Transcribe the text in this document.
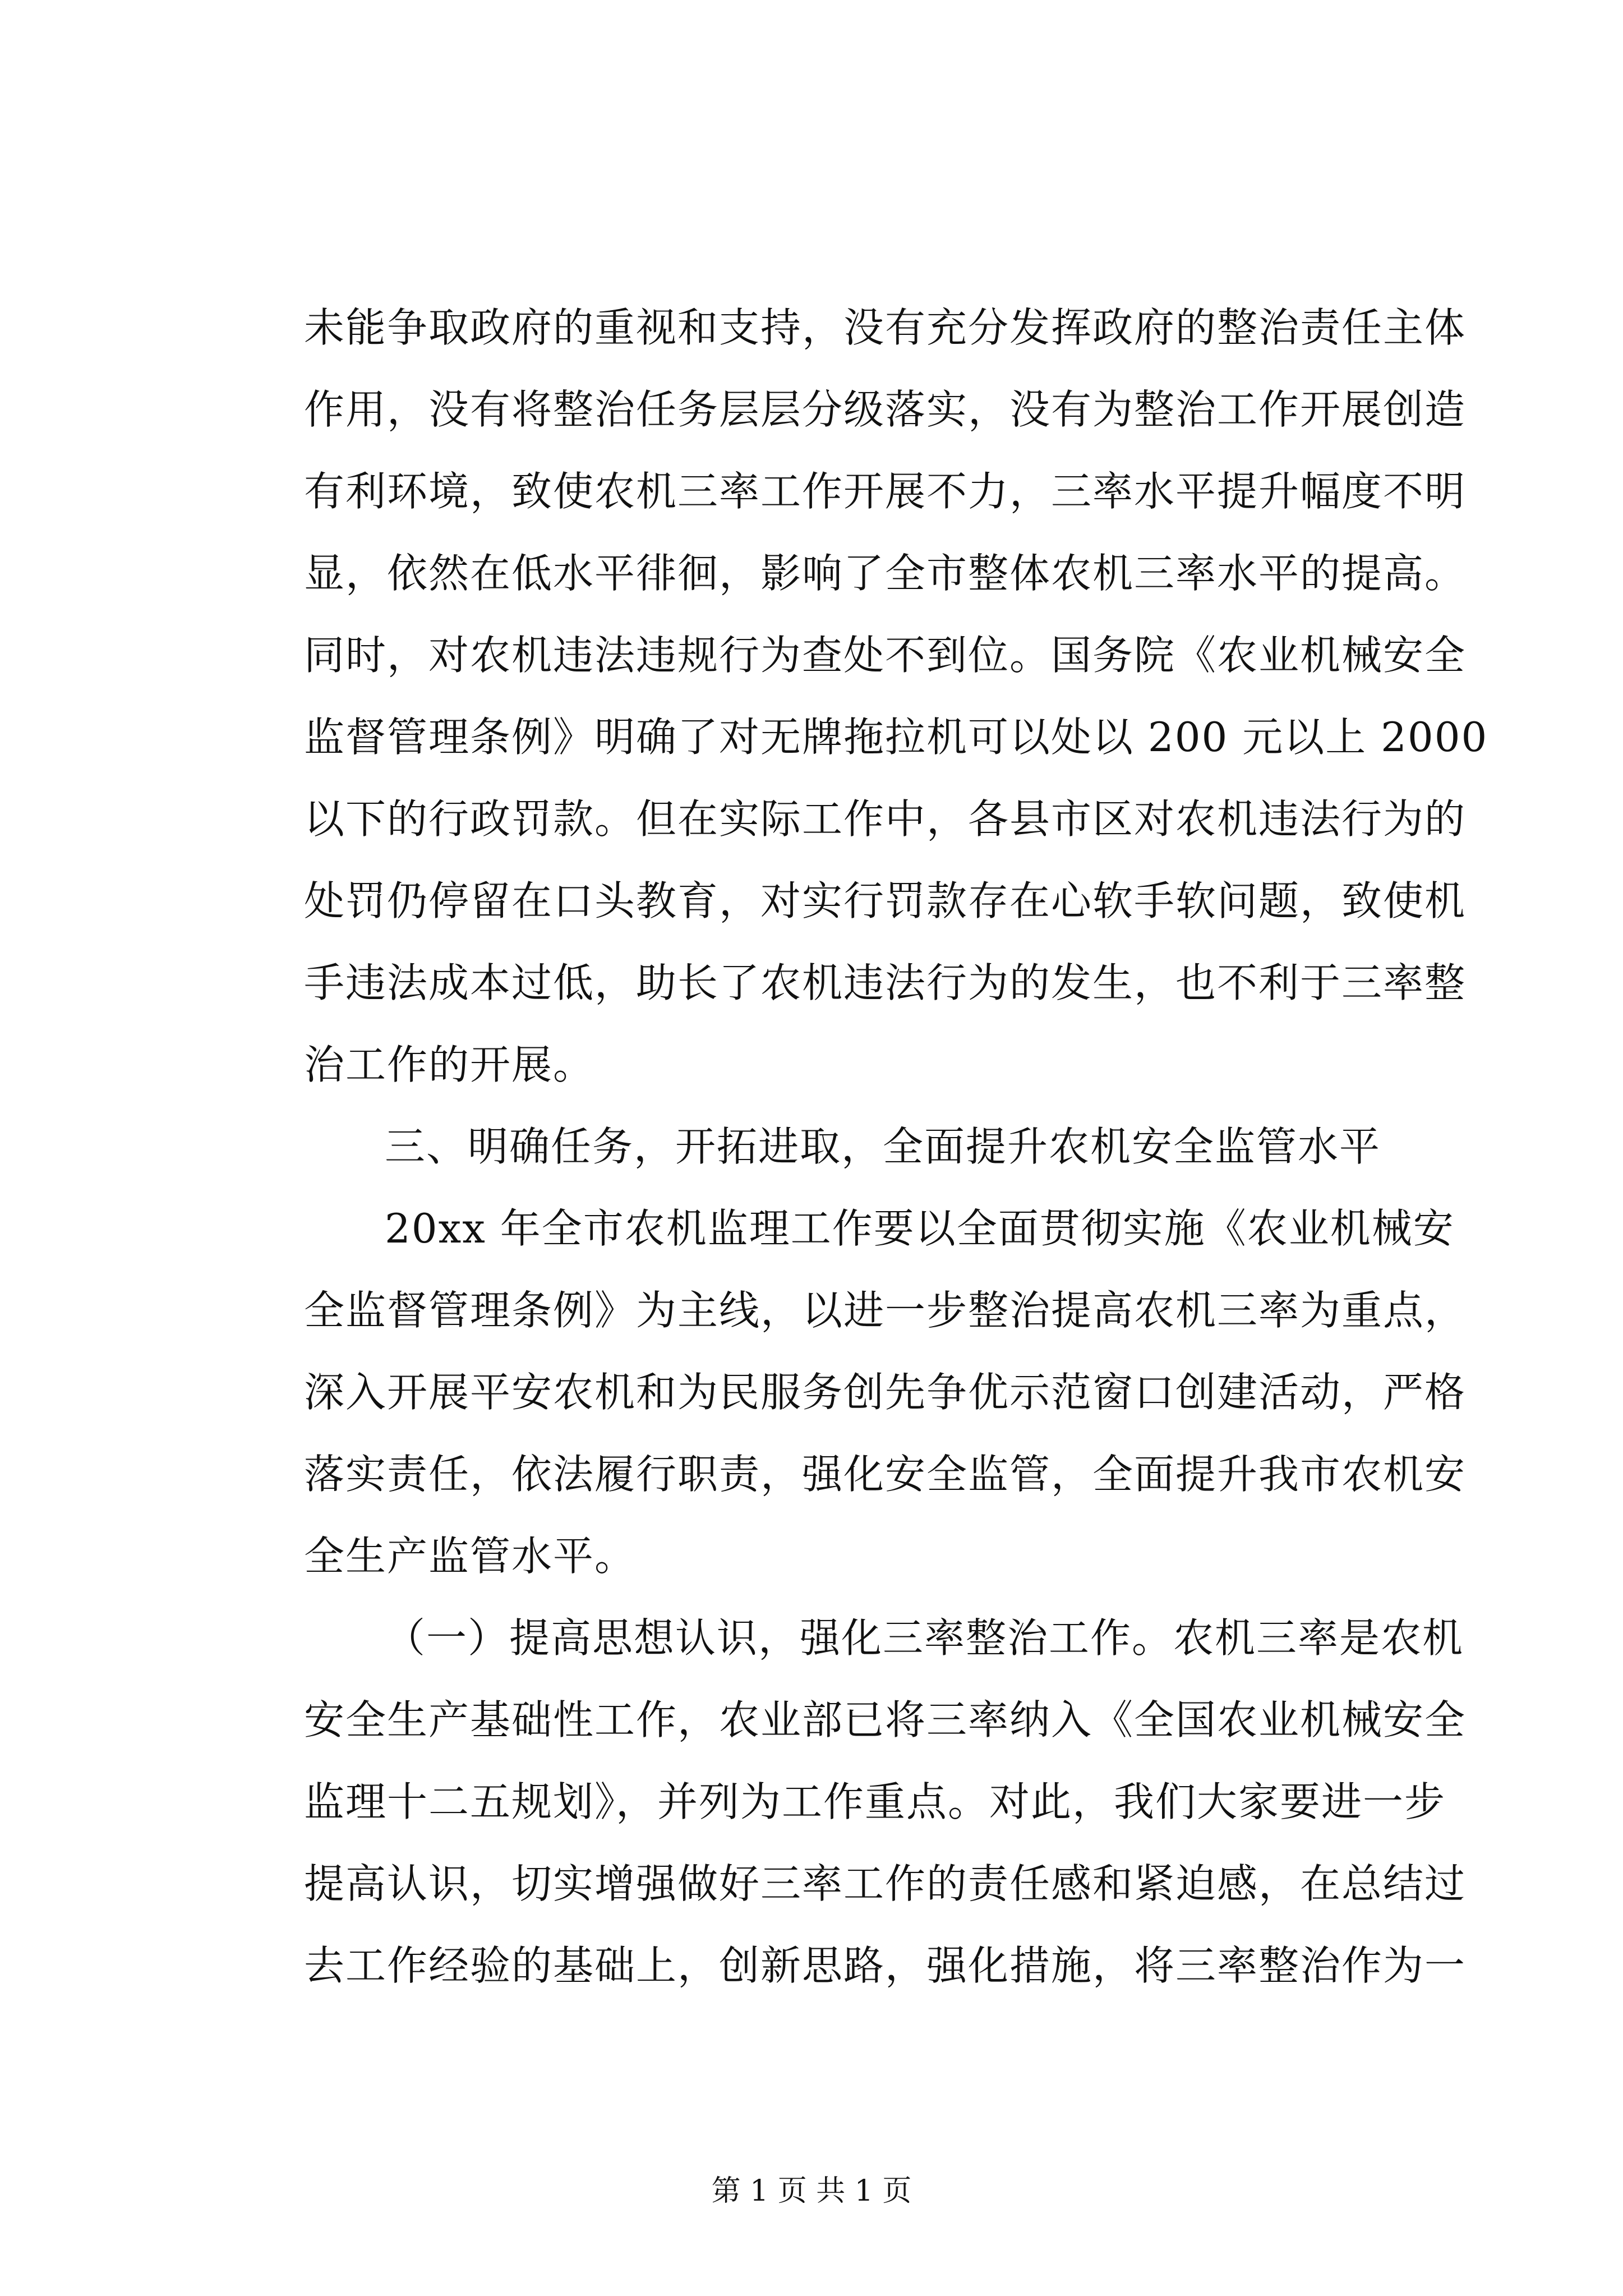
未能争取政府的重视和支持，没有充分发挥政府的整治责任主体
作用，没有将整治任务层层分级落实，没有为整治工作开展创造
有利环境，致使农机三率工作开展不力，三率水平提升幅度不明
显，依然在低水平徘徊，影响了全市整体农机三率水平的提高。
同时，对农机违法违规行为查处不到位。国务院《农业机械安全
监督管理条例》明确了对无牌拖拉机可以处以 200 元以上 2000
以下的行政罚款。但在实际工作中，各县市区对农机违法行为的
处罚仍停留在口头教育，对实行罚款存在心软手软问题，致使机
手违法成本过低，助长了农机违法行为的发生，也不利于三率整
治工作的开展。
三、明确任务，开拓进取，全面提升农机安全监管水平
20xx 年全市农机监理工作要以全面贯彻实施《农业机械安
全监督管理条例》为主线，以进一步整治提高农机三率为重点，
深入开展平安农机和为民服务创先争优示范窗口创建活动，严格
落实责任，依法履行职责，强化安全监管，全面提升我市农机安
全生产监管水平。
（一）提高思想认识，强化三率整治工作。农机三率是农机
安全生产基础性工作，农业部已将三率纳入《全国农业机械安全
监理十二五规划》，并列为工作重点。对此，我们大家要进一步
提高认识，切实增强做好三率工作的责任感和紧迫感，在总结过
去工作经验的基础上，创新思路，强化措施，将三率整治作为一
第 1 页 共 1 页
